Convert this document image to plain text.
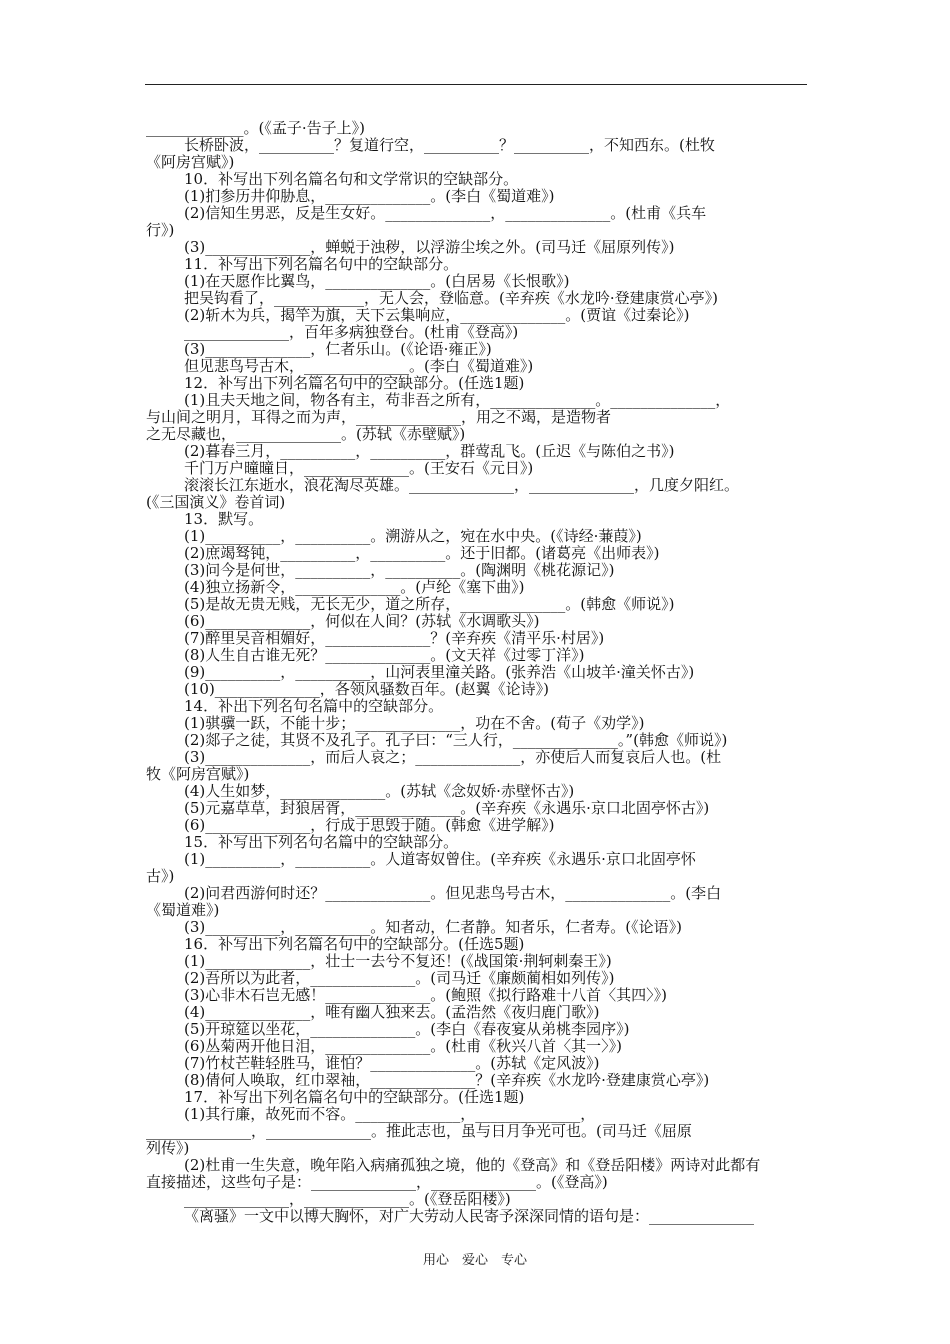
_____________。(《孟子·告子上》)
长桥卧波，__________？复道行空，__________？__________，不知西东。(杜牧
《阿房宫赋》)
10．补写出下列名篇名句和文学常识的空缺部分。
(1)扪参历井仰胁息，______________。(李白《蜀道难》)
(2)信知生男恶，反是生女好。______________，______________。(杜甫《兵车
行》)
(3)______________，蝉蜕于浊秽，以浮游尘埃之外。(司马迁《屈原列传》)
11．补写出下列名篇名句中的空缺部分。
(1)在天愿作比翼鸟，______________。(白居易《长恨歌》)
把吴钩看了，____________，无人会，登临意。(辛弃疾《水龙吟·登建康赏心亭》)
(2)斩木为兵，揭竿为旗，天下云集响应，______________。(贾谊《过秦论》)
______________，百年多病独登台。(杜甫《登高》)
(3)______________，仁者乐山。(《论语·雍正》)
但见悲鸟号古木，______________。(李白《蜀道难》)
12．补写出下列名篇名句中的空缺部分。(任选1题)
(1)且夫天地之间，物各有主，苟非吾之所有，______________。______________，
与山间之明月，耳得之而为声，______________，用之不竭，是造物者
之无尽藏也，______________。(苏轼《赤壁赋》)
(2)暮春三月，__________，__________，群莺乱飞。(丘迟《与陈伯之书》)
千门万户曈曈日，______________。(王安石《元日》)
滚滚长江东逝水，浪花淘尽英雄。______________，______________，几度夕阳红。
(《三国演义》卷首词)
13．默写。
(1)__________，__________。溯游从之，宛在水中央。(《诗经·蒹葭》)
(2)庶竭驽钝，__________，__________。还于旧都。(诸葛亮《出师表》)
(3)问今是何世，__________，__________。(陶渊明《桃花源记》)
(4)独立扬新令，______________。(卢纶《塞下曲》)
(5)是故无贵无贱，无长无少，道之所存，______________。(韩愈《师说》)
(6)______________，何似在人间？(苏轼《水调歌头》)
(7)醉里吴音相媚好，______________？(辛弃疾《清平乐·村居》)
(8)人生自古谁无死？______________。(文天祥《过零丁洋》)
(9)__________，__________，山河表里潼关路。(张养浩《山坡羊·潼关怀古》)
(10)______________，各领风骚数百年。(赵翼《论诗》)
14．补出下列名句名篇中的空缺部分。
(1)骐骥一跃，不能十步；______________，功在不舍。(荀子《劝学》)
(2)郯子之徒，其贤不及孔子。孔子曰：“三人行，______________。”(韩愈《师说》)
(3)______________，而后人哀之；______________，亦使后人而复哀后人也。(杜
牧《阿房宫赋》)
(4)人生如梦，______________。(苏轼《念奴娇·赤壁怀古》)
(5)元嘉草草，封狼居胥，______________。(辛弃疾《永遇乐·京口北固亭怀古》)
(6)______________，行成于思毁于随。(韩愈《进学解》)
15．补写出下列名句名篇中的空缺部分。
(1)__________，__________。人道寄奴曾住。(辛弃疾《永遇乐·京口北固亭怀
古》)
(2)问君西游何时还？______________。但见悲鸟号古木，______________。(李白
《蜀道难》)
(3)__________，__________。知者动，仁者静。知者乐，仁者寿。(《论语》)
16．补写出下列名篇名句中的空缺部分。(任选5题)
(1)______________，壮士一去兮不复还！(《战国策·荆轲刺秦王》)
(2)吾所以为此者，______________。(司马迁《廉颇蔺相如列传》)
(3)心非木石岂无感！______________。(鲍照《拟行路难十八首〈其四〉》)
(4)______________，唯有幽人独来去。(孟浩然《夜归鹿门歌》)
(5)开琼筵以坐花，______________。(李白《春夜宴从弟桃李园序》)
(6)丛菊两开他日泪，______________。(杜甫《秋兴八首〈其一〉》)
(7)竹杖芒鞋轻胜马，谁怕？______________。(苏轼《定风波》)
(8)倩何人唤取，红巾翠袖，______________？(辛弃疾《水龙吟·登建康赏心亭》)
17．补写出下列名篇名句中的空缺部分。(任选1题)
(1)其行廉，故死而不容。______________，______________，
______________，______________。推此志也，虽与日月争光可也。(司马迁《屈原
列传》)
(2)杜甫一生失意，晚年陷入病痛孤独之境，他的《登高》和《登岳阳楼》两诗对此都有
直接描述，这些句子是：______________，______________。(《登高》)
______________，______________。(《登岳阳楼》)
《离骚》一文中以博大胸怀，对广大劳动人民寄予深深同情的语句是：______________
用心　爱心　专心
